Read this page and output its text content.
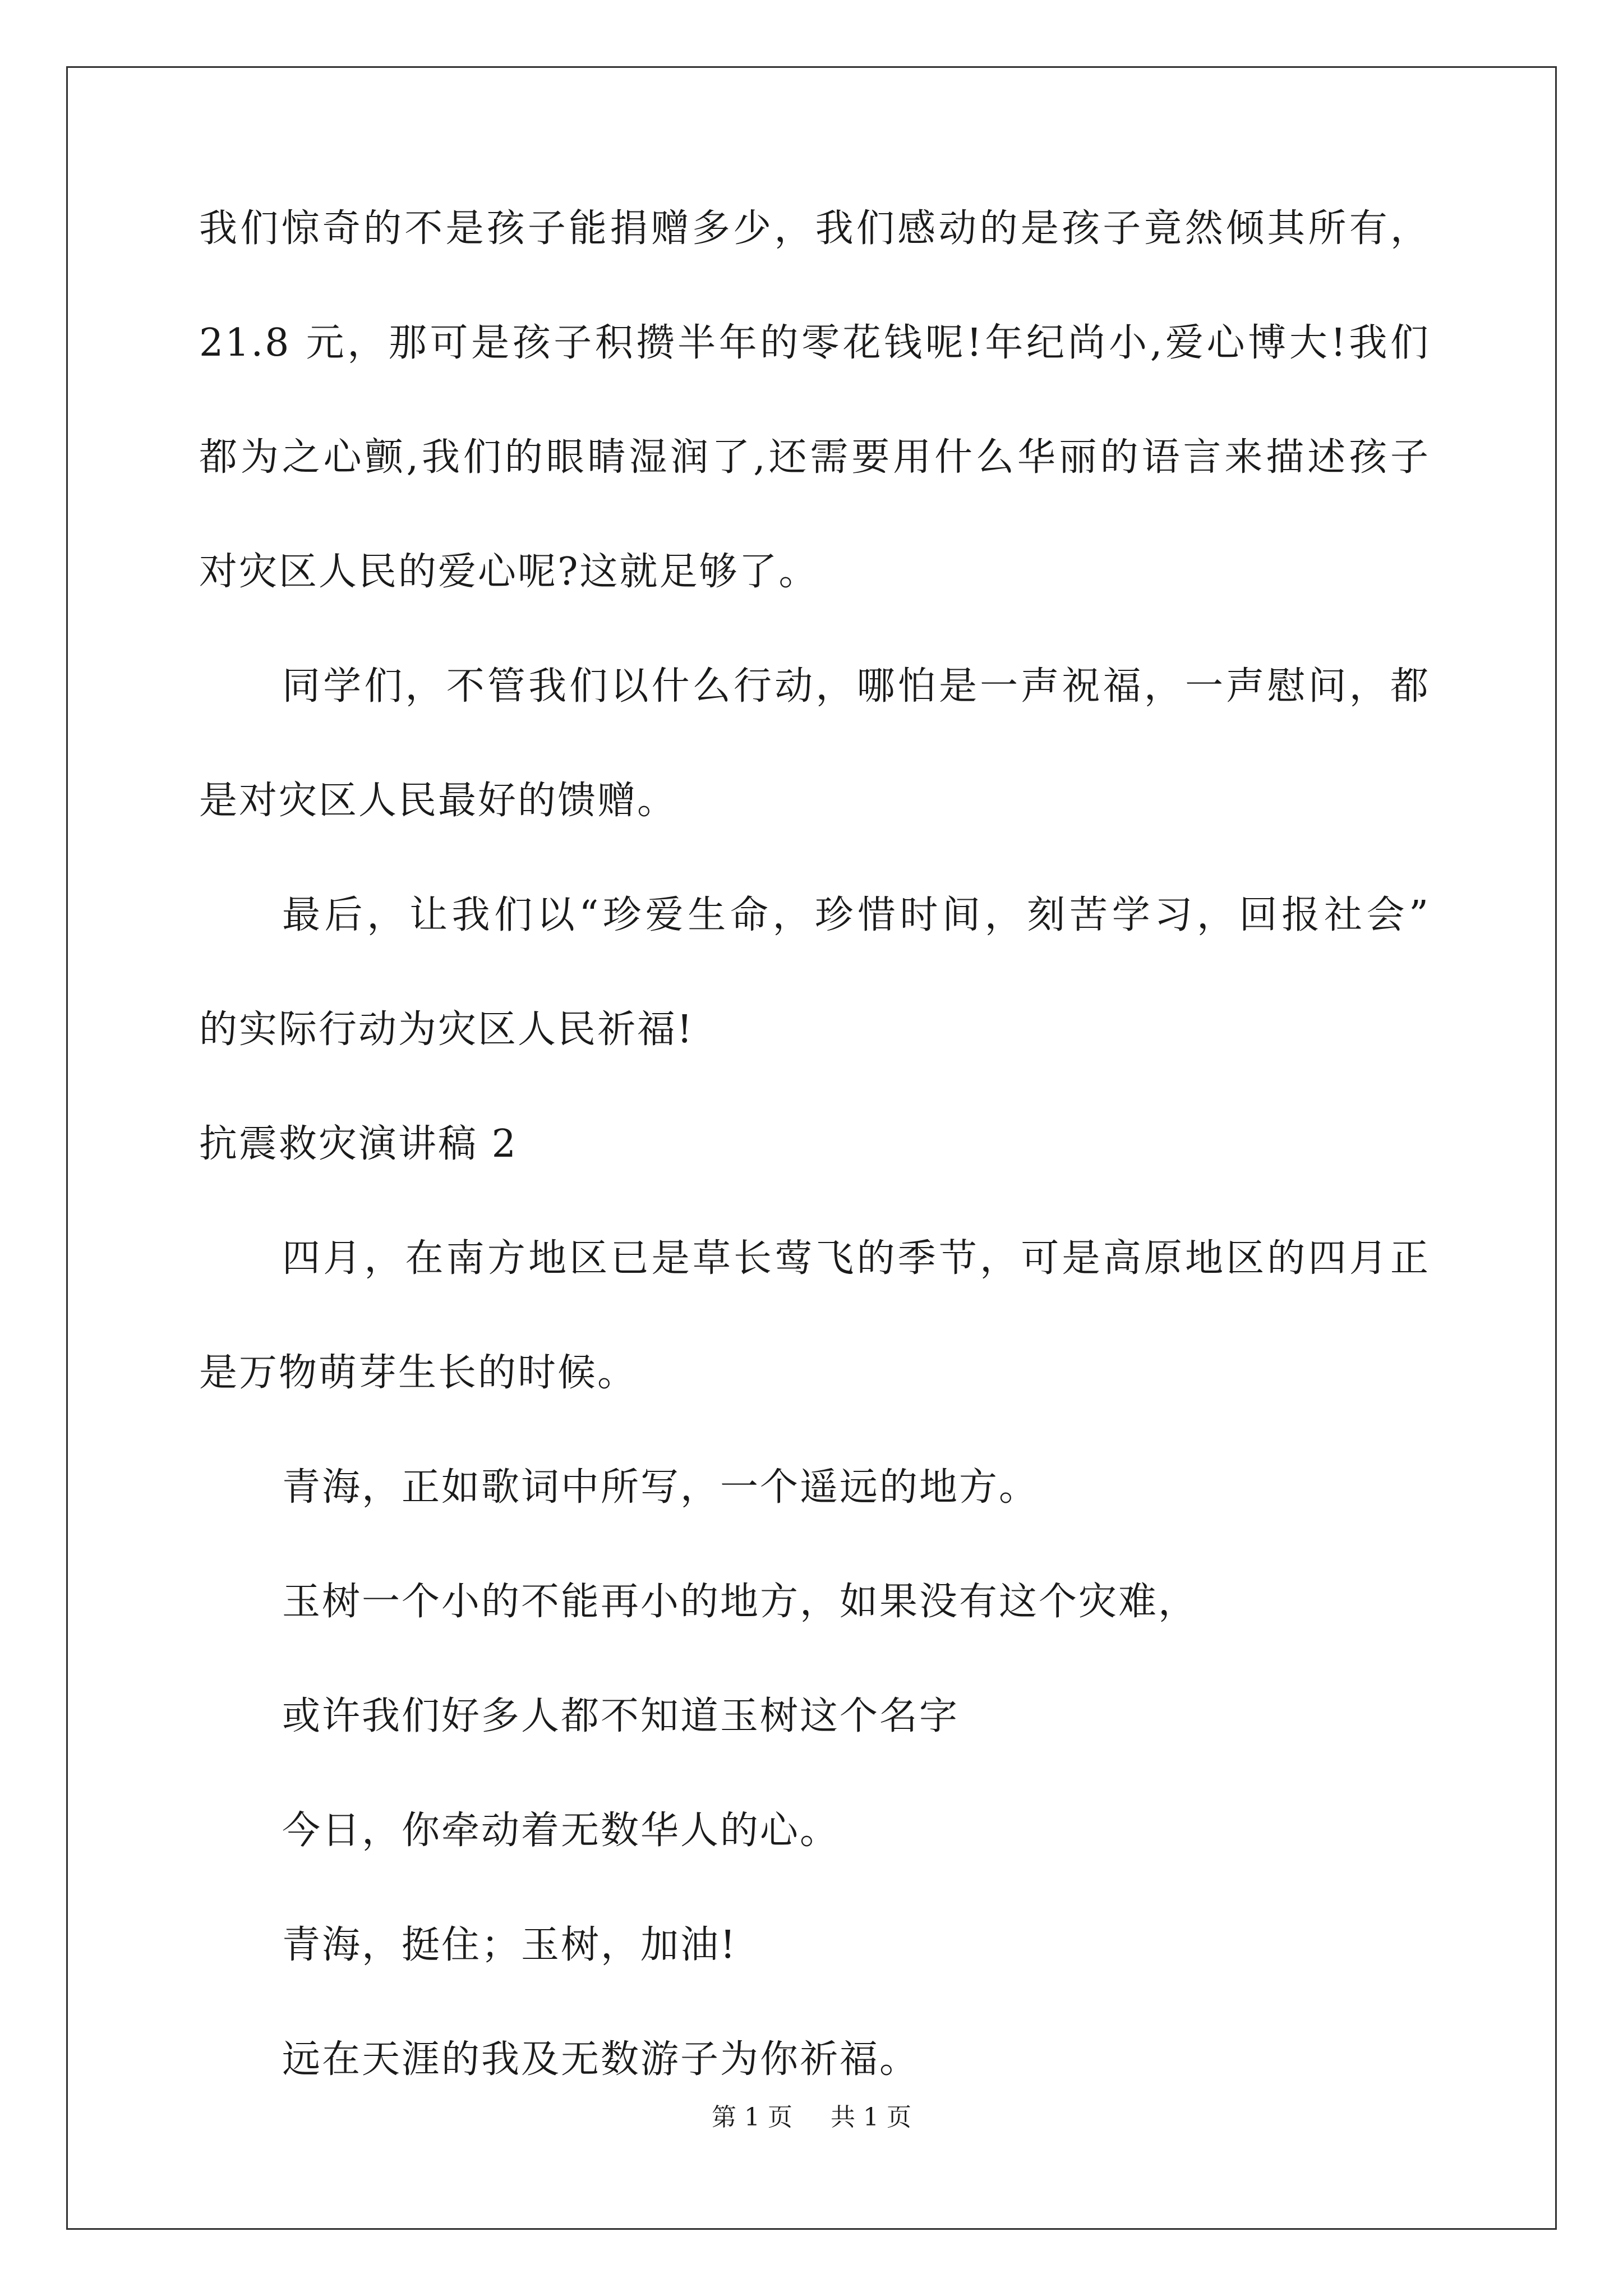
我们惊奇的不是孩子能捐赠多少，我们感动的是孩子竟然倾其所有，
21.8 元，那可是孩子积攒半年的零花钱呢!年纪尚小,爱心博大!我们
都为之心颤,我们的眼睛湿润了,还需要用什么华丽的语言来描述孩子
对灾区人民的爱心呢?这就足够了。
同学们，不管我们以什么行动，哪怕是一声祝福，一声慰问，都
是对灾区人民最好的馈赠。
最后，让我们以“珍爱生命，珍惜时间，刻苦学习，回报社会”
的实际行动为灾区人民祈福!
抗震救灾演讲稿 2
四月，在南方地区已是草长莺飞的季节，可是高原地区的四月正
是万物萌芽生长的时候。
青海，正如歌词中所写，一个遥远的地方。
玉树一个小的不能再小的地方，如果没有这个灾难，
或许我们好多人都不知道玉树这个名字
今日，你牵动着无数华人的心。
青海，挺住；玉树，加油!
远在天涯的我及无数游子为你祈福。
第 1 页 共 1 页
